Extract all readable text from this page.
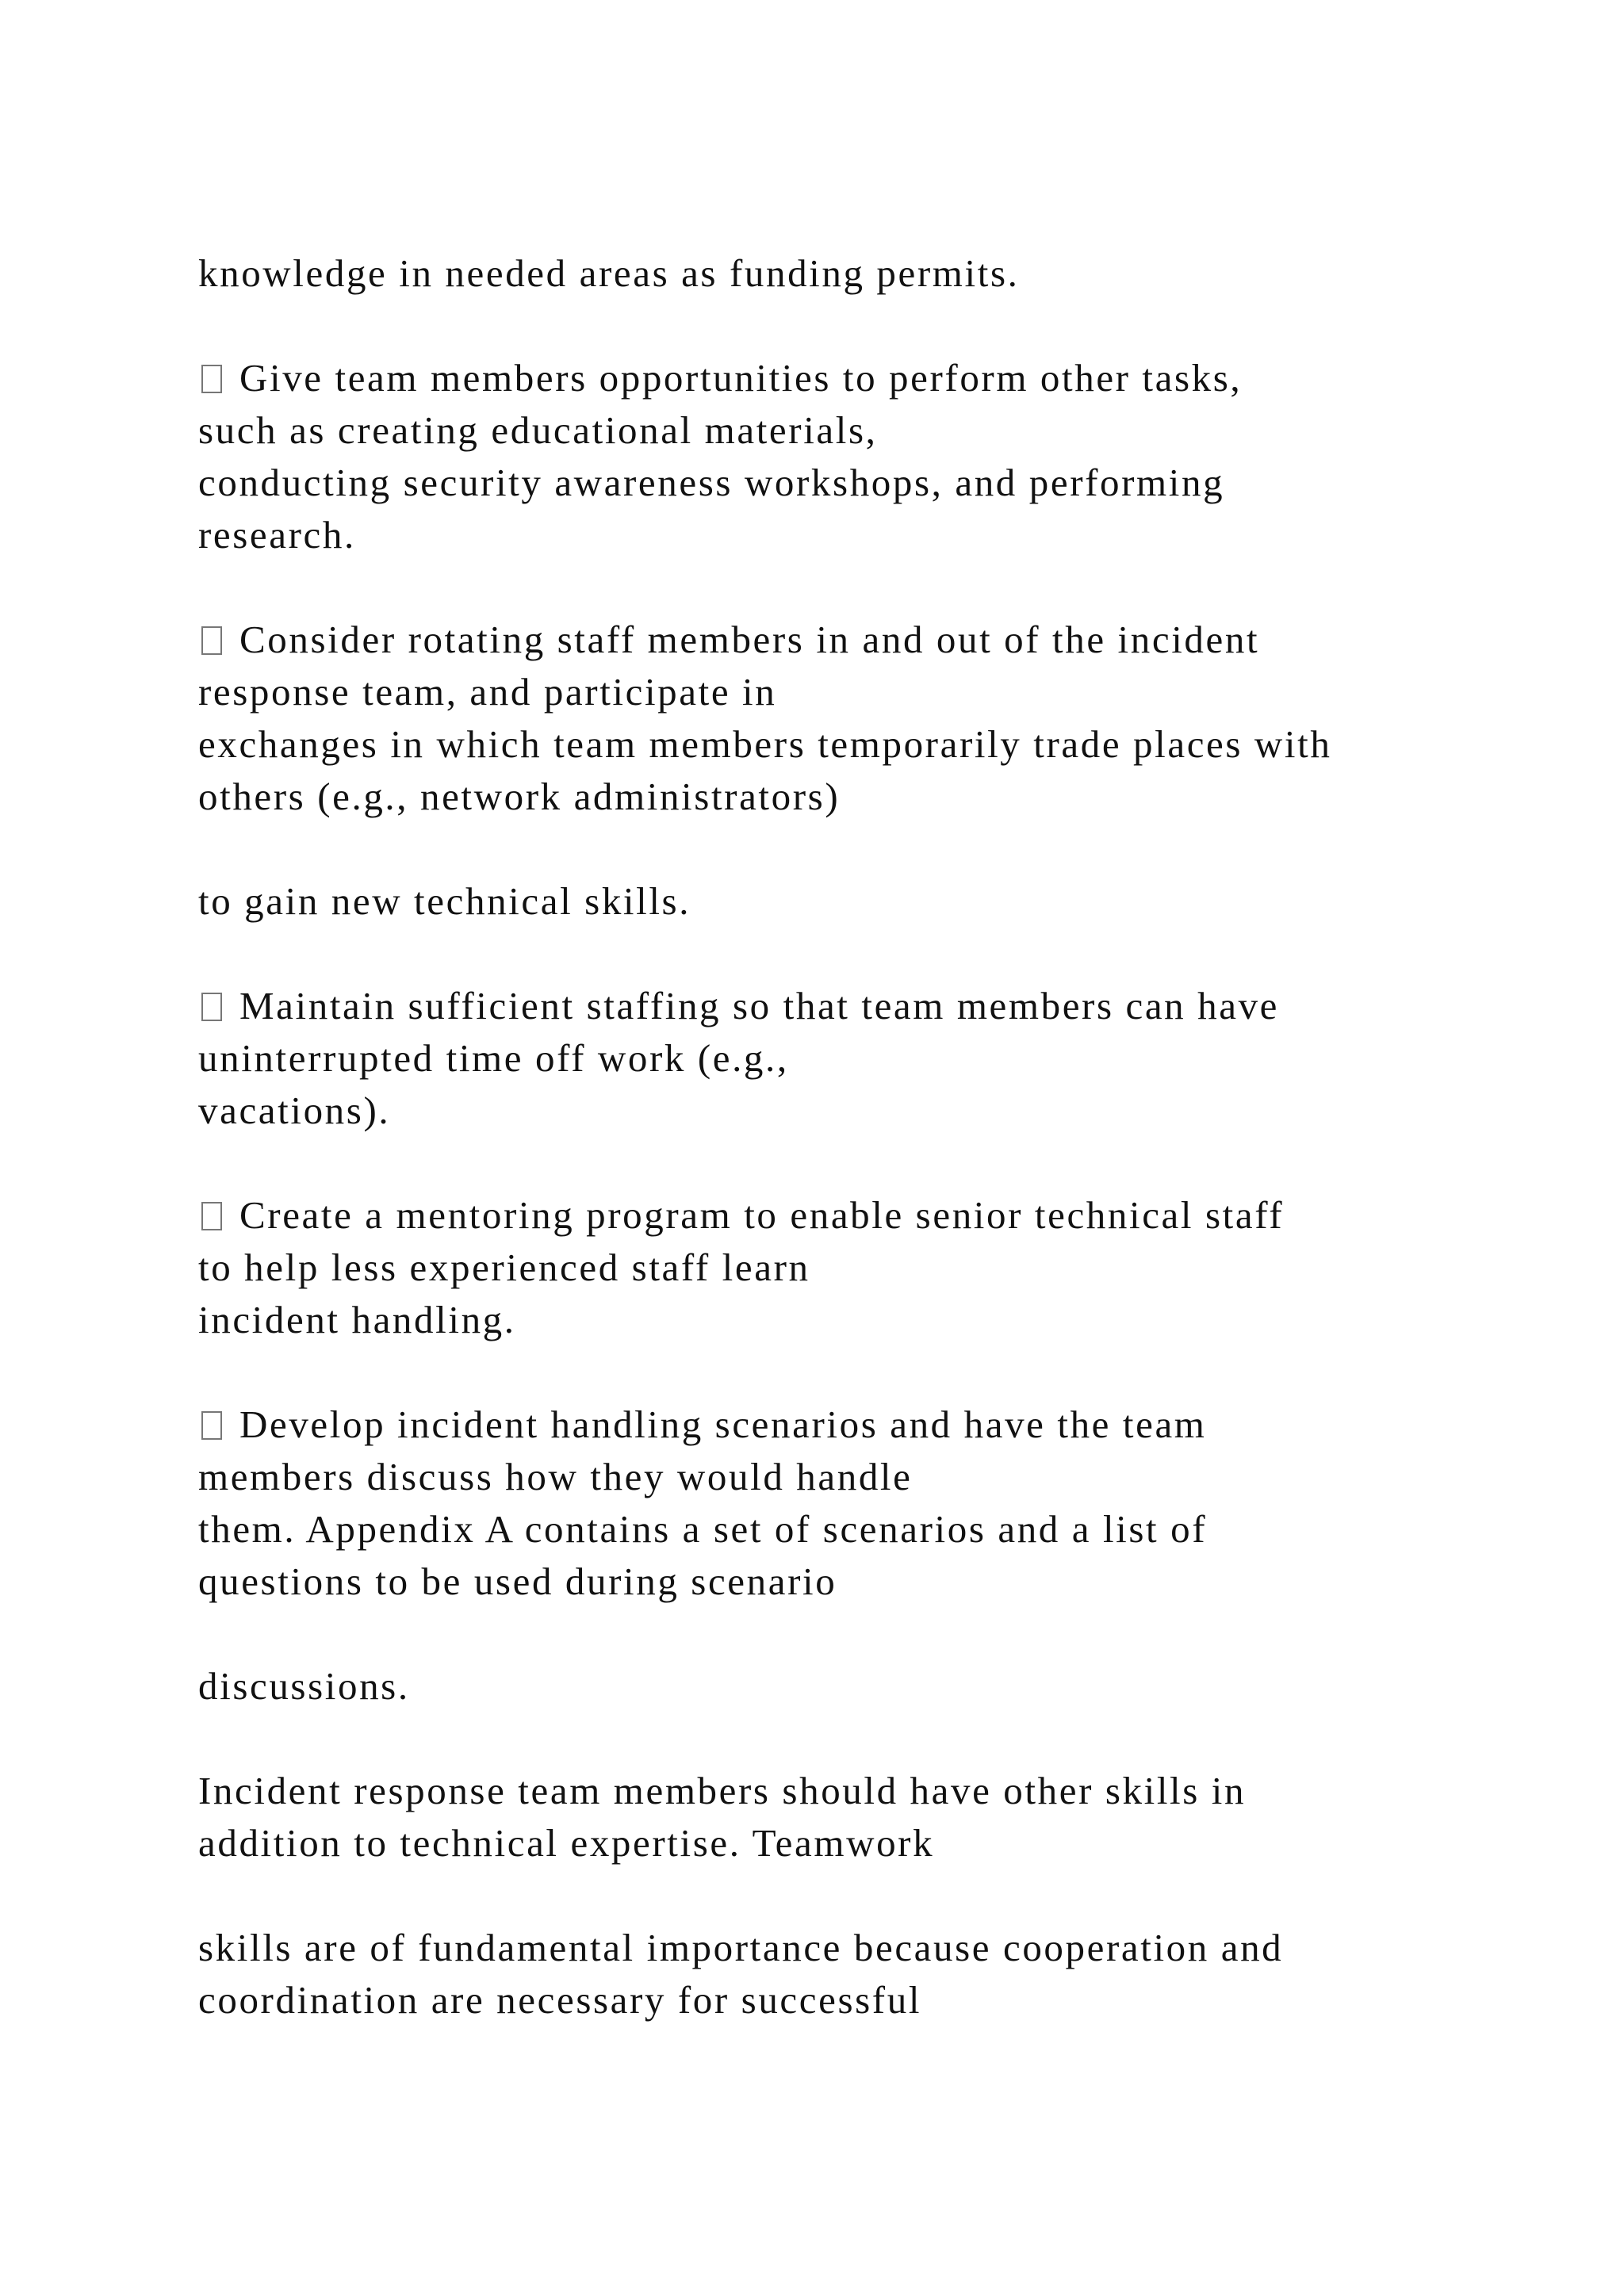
knowledge in needed areas as funding permits.
Give team members opportunities to perform other tasks,
such as creating educational materials,
conducting security awareness workshops, and performing
research.
Consider rotating staff members in and out of the incident
response team, and participate in
exchanges in which team members temporarily trade places with
others (e.g., network administrators)
to gain new technical skills.
Maintain sufficient staffing so that team members can have
uninterrupted time off work (e.g.,
vacations).
Create a mentoring program to enable senior technical staff
to help less experienced staff learn
incident handling.
Develop incident handling scenarios and have the team
members discuss how they would handle
them. Appendix A contains a set of scenarios and a list of
questions to be used during scenario
discussions.
Incident response team members should have other skills in
addition to technical expertise. Teamwork
skills are of fundamental importance because cooperation and
coordination are necessary for successful
